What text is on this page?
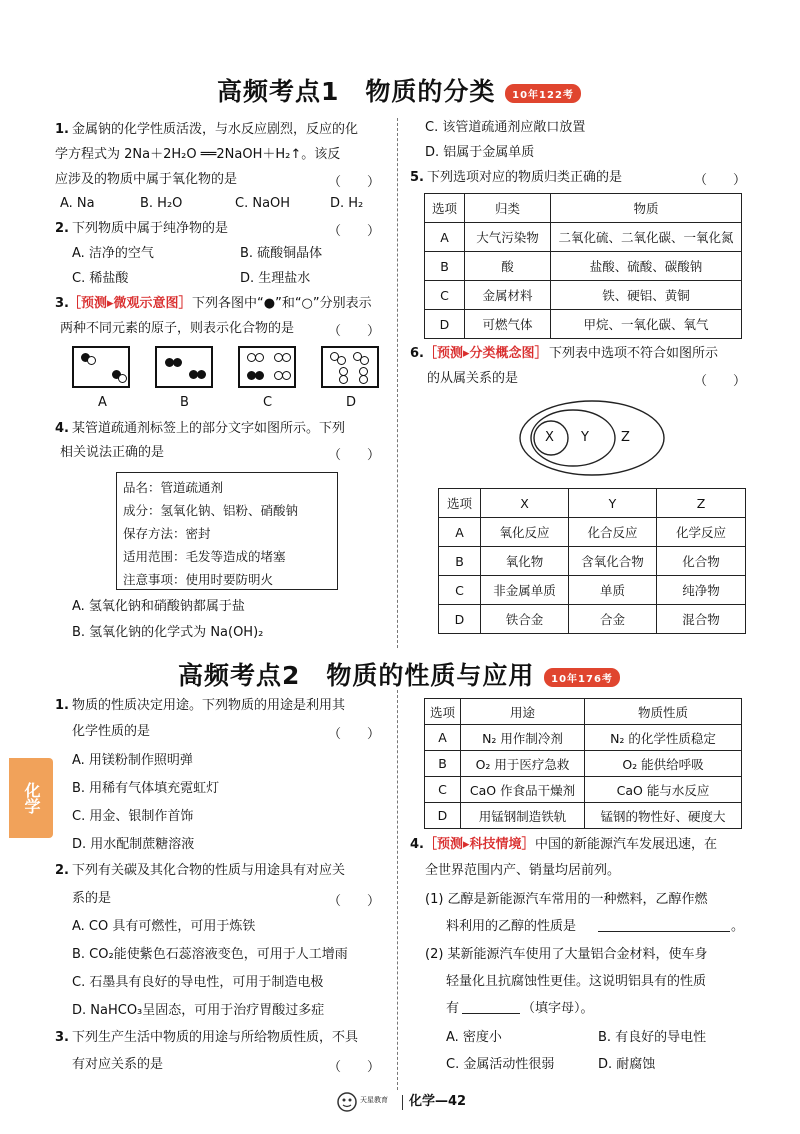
高频考点1　物质的分类 10年122考
1. 金属钠的化学性质活泼，与水反应剧烈，反应的化
学方程式为 2Na＋2H₂O ══2NaOH＋H₂↑。该反
应涉及的物质中属于氧化物的是	（　　）
A. Na	B. H₂O	C. NaOH	D. H₂
2. 下列物质中属于纯净物的是	（　　）
A. 洁净的空气	B. 硫酸铜晶体
C. 稀盐酸	D. 生理盐水
3. ［预测▸微观示意图］ 下列各图中“●”和“○”分别表示
两种不同元素的原子，则表示化合物的是	（　　）
A	B	C	D
4. 某管道疏通剂标签上的部分文字如图所示。下列
相关说法正确的是	（　　）
品名：管道疏通剂
成分：氢氧化钠、铝粉、硝酸钠
保存方法：密封
适用范围：毛发等造成的堵塞
注意事项：使用时要防明火
A. 氢氧化钠和硝酸钠都属于盐
B. 氢氧化钠的化学式为 Na(OH)₂
C. 该管道疏通剂应敞口放置
D. 铝属于金属单质
5. 下列选项对应的物质归类正确的是	（　　）
选项	归类	物质
A	大气污染物	二氧化硫、二氧化碳、一氧化氮
B	酸	盐酸、硫酸、碳酸钠
C	金属材料	铁、硬铝、黄铜
D	可燃气体	甲烷、一氧化碳、氧气
6. ［预测▸分类概念图］ 下列表中选项不符合如图所示
的从属关系的是	（　　）
X Y Z
选项	X	Y	Z
A	氧化反应	化合反应	化学反应
B	氧化物	含氧化合物	化合物
C	非金属单质	单质	纯净物
D	铁合金	合金	混合物
高频考点2　物质的性质与应用 10年176考
化学
1. 物质的性质决定用途。下列物质的用途是利用其
化学性质的是	（　　）
A. 用镁粉制作照明弹
B. 用稀有气体填充霓虹灯
C. 用金、银制作首饰
D. 用水配制蔗糖溶液
2. 下列有关碳及其化合物的性质与用途具有对应关
系的是	（　　）
A. CO 具有可燃性，可用于炼铁
B. CO₂能使紫色石蕊溶液变色，可用于人工增雨
C. 石墨具有良好的导电性，可用于制造电极
D. NaHCO₃呈固态，可用于治疗胃酸过多症
3. 下列生产生活中物质的用途与所给物质性质，不具
有对应关系的是	（　　）
选项	用途	物质性质
A	N₂ 用作制冷剂	N₂ 的化学性质稳定
B	O₂ 用于医疗急救	O₂ 能供给呼吸
C	CaO 作食品干燥剂	CaO 能与水反应
D	用锰钢制造铁轨	锰钢的物性好、硬度大
4. ［预测▸科技情境］ 中国的新能源汽车发展迅速，在
全世界范围内产、销量均居前列。
(1) 乙醇是新能源汽车常用的一种燃料，乙醇作燃
料利用的乙醇的性质是	。
(2) 某新能源汽车使用了大量铝合金材料，使车身
轻量化且抗腐蚀性更佳。这说明铝具有的性质
有	（填字母）。
A. 密度小	B. 有良好的导电性
C. 金属活动性很弱	D. 耐腐蚀
天星教育	化学—42
